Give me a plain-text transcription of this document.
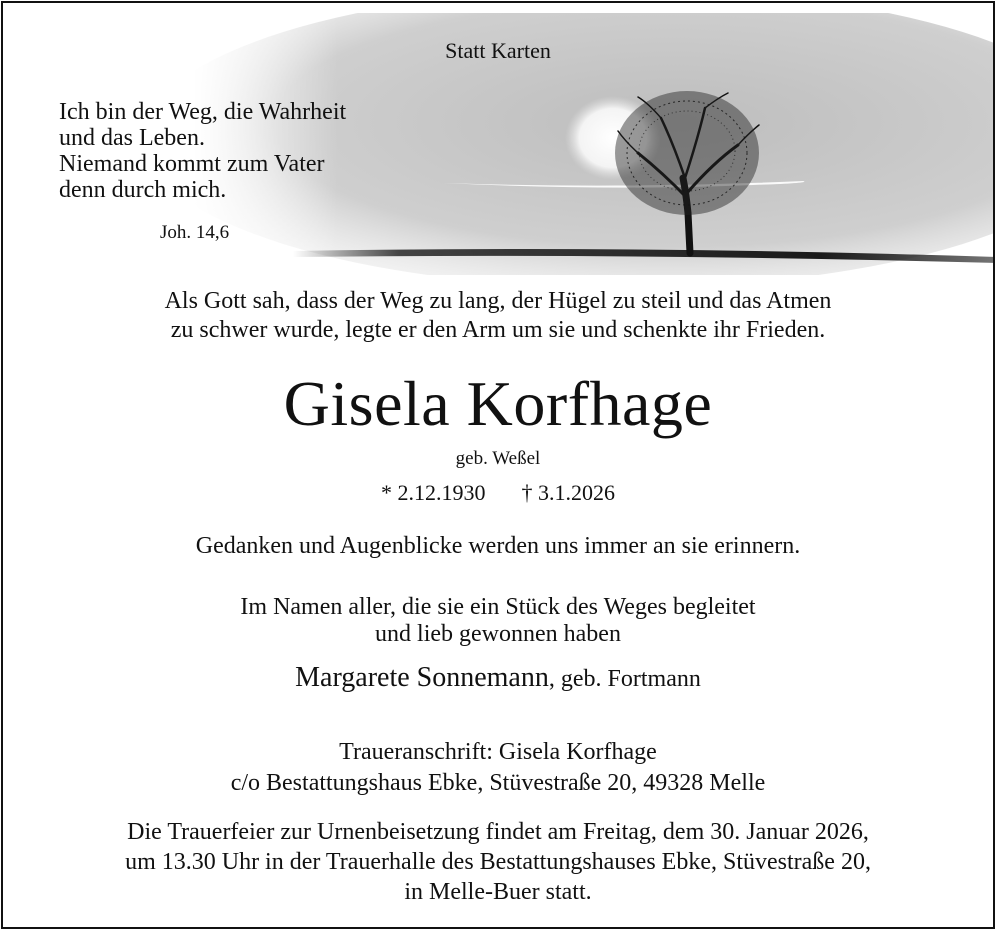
Statt Karten
Ich bin der Weg, die Wahrheit
und das Leben.
Niemand kommt zum Vater
denn durch mich.
Joh. 14,6
Als Gott sah, dass der Weg zu lang, der Hügel zu steil und das Atmen
zu schwer wurde, legte er den Arm um sie und schenkte ihr Frieden.
Gisela Korfhage
geb. Weßel
* 2.12.1930 † 3.1.2026
Gedanken und Augenblicke werden uns immer an sie erinnern.
Im Namen aller, die sie ein Stück des Weges begleitet
und lieb gewonnen haben
Margarete Sonnemann, geb. Fortmann
Traueranschrift: Gisela Korfhage
c/o Bestattungshaus Ebke, Stüvestraße 20, 49328 Melle
Die Trauerfeier zur Urnenbeisetzung findet am Freitag, dem 30. Januar 2026,
um 13.30 Uhr in der Trauerhalle des Bestattungshauses Ebke, Stüvestraße 20,
in Melle-Buer statt.
